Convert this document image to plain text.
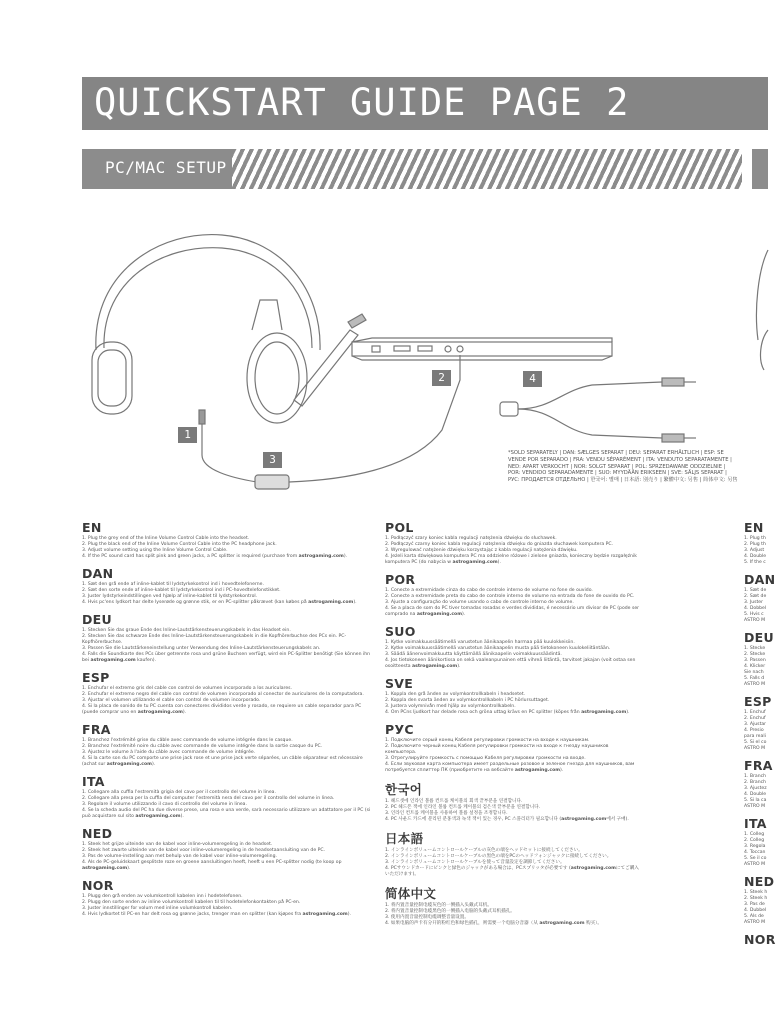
QUICKSTART GUIDE PAGE 2
PC/MAC SETUP
1
2
3
4
*SOLD SEPARATELY | DAN: SÆLGES SEPARAT | DEU: SEPARAT ERHÄLTLICH | ESP: SE VENDE POR SEPARADO | FRA: VENDU SÉPARÉMENT | ITA: VENDUTO SEPARATAMENTE | NED: APART VERKOCHT | NOR: SOLGT SEPARAT | POL: SPRZEDAWANE ODDZIELNIE | POR: VENDIDO SEPARADAMENTE | SUO: MYYDÄÄN ERIKSEEN | SVE: SÄLJS SEPARAT | РУС: ПРОДАЕТСЯ ОТДЕЛЬНО | 한국어: 별매 | 日本語: 別売り | 繁體中文: 另售 | 简体中文: 另售
EN
1. Plug the grey end of the Inline Volume Control Cable into the headset.
2. Plug the black end of the Inline Volume Control Cable into the PC headphone jack.
3. Adjust volume setting using the Inline Volume Control Cable.
4. If the PC sound card has split pink and green jacks, a PC splitter is required (purchase from astrogaming.com).
DAN
1. Sæt den grå ende af inline-kablet til lydstyrkekontrol ind i hovedtelefonerne.
2. Sæt den sorte ende af inline-kablet til lydstyrkekontrol ind i PC-hovedtelefonstikket.
3. Juster lydstyrkeindstillingen ved hjælp af inline-kablet til lydstyrkekontrol.
4. Hvis pc'ens lydkort har delte lyserøde og grønne stik, er en PC-splitter påkrævet (kan købes på astrogaming.com).
DEU
1. Stecken Sie das graue Ende des Inline-Lautstärkensteuerungskabels in das Headset ein.
2. Stecken Sie das schwarze Ende des Inline-Lautstärkensteuerungskabels in die Kopfhörerbuchse des PCs ein. PC-Kopfhörerbuchse.
3. Passen Sie die Lautstärkeneinstellung unter Verwendung des Inline-Lautstärkensteuerungskabels an.
4. Falls die Soundkarte des PCs über getrennte rosa und grüne Buchsen verfügt, wird ein PC-Splitter benötigt (Sie können ihn bei astrogaming.com kaufen).
ESP
1. Enchufar el extremo gris del cable con control de volumen incorporado a los auriculares.
2. Enchufar el extremo negro del cable con control de volumen incorporado al conector de auriculares de la computadora.
3. Ajustar el volumen utilizando el cable con control de volumen incorporado.
4. Si la placa de sonido de tu PC cuenta con conectores divididos verde y rosado, se requiere un cable separador para PC (puede comprar uno en astrogaming.com).
FRA
1. Branchez l'extrémité grise du câble avec commande de volume intégrée dans le casque.
2. Branchez l'extrémité noire du câble avec commande de volume intégrée dans la sortie casque du PC.
3. Ajustez le volume à l'aide du câble avec commande de volume intégrée.
4. Si la carte son du PC comporte une prise jack rose et une prise jack verte séparées, un câble séparateur est nécessaire (achat sur astrogaming.com).
ITA
1. Collegare alla cuffia l'estremità grigia del cavo per il controllo del volume in linea.
2. Collegare alla presa per la cuffia del computer l'estremità nera del cavo per il controllo del volume in linea.
3. Regolare il volume utilizzando il cavo di controllo del volume in linea.
4. Se la scheda audio del PC ha due diverse prese, una rosa e una verde, sarà necessario utilizzare un adattatore per il PC (si può acquistare sul sito astrogaming.com).
NED
1. Steek het grijze uiteinde van de kabel voor inline-volumeregeling in de headset.
2. Steek het zwarte uiteinde van de kabel voor inline-volumeregeling in de headsetaansluiting van de PC.
3. Pas de volume-instelling aan met behulp van de kabel voor inline-volumeregeling.
4. Als de PC-geluidskaart gesplitste roze en groene aansluitingen heeft, heeft u een PC-splitter nodig (te koop op astrogaming.com).
NOR
1. Plugg den grå enden av volumkontroll kabelen inn i hodetelefonen.
2. Plugg den sorte enden av inline volumkontroll kabelen til til hodetelefonkontakten på PC-en.
3. Juster innstillinger for volum med inline volumkontroll kabelen.
4. Hvis lydkortet til PC-en har delt rosa og grønne jacks, trenger man en splitter (kan kjøpes fra astrogaming.com).
POL
1. Podłączyć szary koniec kabla regulacji natężenia dźwięku do słuchawek.
2. Podłączyć czarny koniec kabla regulacji natężenia dźwięku do gniazda słuchawek komputera PC.
3. Wyregulować natężenie dźwięku korzystając z kabla regulacji natężenia dźwięku.
4. Jeżeli karta dźwiękowa komputera PC ma oddzielne różowe i zielone gniazda, konieczny będzie rozgałęźnik komputera PC (do nabycia w astrogaming.com).
POR
1. Conecte a extremidade cinza do cabo de controle interno de volume no fone de ouvido.
2. Conecte a extremidade preta do cabo de controle interno de volume na entrada do fone de ouvido do PC.
3. Ajuste a configuração do volume usando o cabo de controle interno de volume.
4. Se a placa de som do PC tiver tomadas rosadas e verdes divididas, é necessário um divisor de PC (pode ser comprado na astrogaming.com).
SUO
1. Kytke voimakkuussäätimellä varustetun äänikaapelin harmaa pää kuulokkeisiin.
2. Kytke voimakkuussäätimellä varustetun äänikaapelin musta pää tietokoneen kuulokeliitäntään.
3. Säädä äänenvoimakkuutta käyttämällä äänikaapelin voimakkuussäädintä.
4. Jos tietokoneen äänikortissa on sekä vaaleanpunainen että vihreä liitäntä, tarvitset jakajan (voit ostaa sen osoitteesta astrogaming.com).
SVE
1. Koppla den grå änden av volymkontrollkabeln i headsetet.
2. Koppla den svarta änden av volymkontrollkabeln i PC hörlursuttaget.
3. Justera volymnivån med hjälp av volymkontrollkabeln.
4. Om PCns ljudkort har delade rosa och gröna uttag krävs en PC splitter (köpes från astrogaming.com).
РУС
1. Подключите серый конец Кабеля регулировки громкости на входе к наушникам.
2. Подключите черный конец Кабеля регулировки громкости на входе к гнезду наушников компьютера.
3. Отрегулируйте громкость с помощью Кабеля регулировки громкости на входе.
4. Если звуковая карта компьютера имеет раздельные розовое и зеленое гнезда для наушников, вам потребуется сплиттер ПК (приобретите на вебсайте astrogaming.com).
한국어
1. 헤드셋에 인라인 볼륨 컨트롤 케이블의 회색 끝부분을 연결합니다.
2. PC 헤드폰 잭에 인라인 볼륨 컨트롤 케이블의 검은색 끝부분을 연결합니다.
3. 인라인 컨트롤 케이블을 사용하여 볼륨 설정을 조정합니다.
4. PC 사운드 카드에 분리된 분홍색과 녹색 잭이 있는 경우, PC 스플리터가 필요합니다 (astrogaming.com에서 구매).
日本語
1. インラインボリュームコントロールケーブルの灰色の端をヘッドセットに接続してください。
2. インラインボリュームコントロールケーブルの黒色の端をPCのヘッドフォンジャックに接続してください。
3. インラインボリュームコントロールケーブルを使って音量設定を調節してください。
4. PCサウンドカードにピンクと緑色のジャックがある場合は、PCスプリッタが必要です (astrogaming.comにてご購入いただけます)。
简体中文
1. 将内置音量控制电缆灰色的一侧插入头戴式耳机。
2. 将内置音量控制电缆黑色的一侧插入电脑的头戴式耳机插孔。
3. 使用内置音量控制电缆调整音量设置。
4. 如果电脑的声卡有分开的粉红色和绿色插孔，则需要一个电脑分音器（从 astrogaming.com 购买）。
EN
1. Plug th
2. Plug th
3. Adjust
4. Double
5. If the c
DAN
1. Sæt de
2. Sæt de
3. Juster
4. Dobbel
5. Hvis c
ASTRO M
DEU
1. Stecke
2. Stecke
3. Passen
4. Klicker
Sie nach
5. Falls d
ASTRO M
ESP
1. Enchuf
2. Enchuf
3. Ajustar
4. Presio
para reali
5. Si el co
ASTRO M
FRA
1. Branch
2. Branch
3. Ajustez
4. Double
5. Si la ca
ASTRO M
ITA
1. Colleg
2. Colleg
3. Regola
4. Toccan
5. Se il co
ASTRO M
NED
1. Steek h
2. Steek h
3. Pas de
4. Dubbel
5. Als de
ASTRO M
NOR
